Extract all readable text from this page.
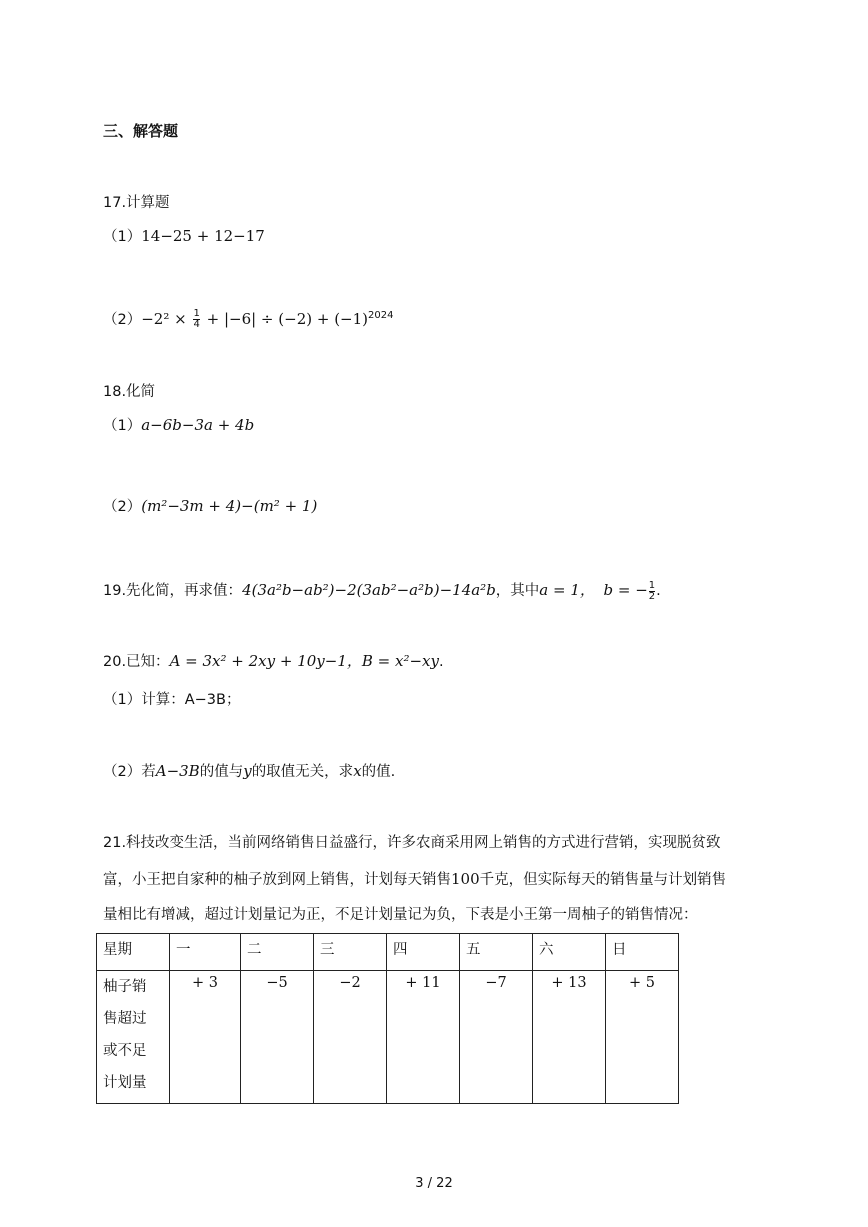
三、解答题
17.计算题
（1）14−25 + 12−17
$(2)-2^2 \times \frac{1}{4} + |-6| \div (-2) + (-1)^{2024}$
18.化简
（1）a−6b−3a + 4b
（2）(m²−3m + 4)−(m² + 1)
19.先化简，再求值：4(3a²b−ab²)−2(3ab²−a²b)−14a²b，其中a = 1， b = − $\frac{1}{2}$ .
20.已知：A = 3x² + 2xy + 10y−1，B = x²−xy.
（1）计算：A−3B；
（2）若A−3B的值与y的取值无关，求x的值.
21.科技改变生活，当前网络销售日益盛行，许多农商采用网上销售的方式进行营销，实现脱贫致
富，小王把自家种的柚子放到网上销售，计划每天销售100千克，但实际每天的销售量与计划销售
量相比有增减，超过计划量记为正，不足计划量记为负，下表是小王第一周柚子的销售情况：
星期	一	二	三	四	五	六	日

柚子销
售超过
或不足
计划量	+ 3	−5	−2	+ 11	−7	+ 13	+ 5
3 / 22
